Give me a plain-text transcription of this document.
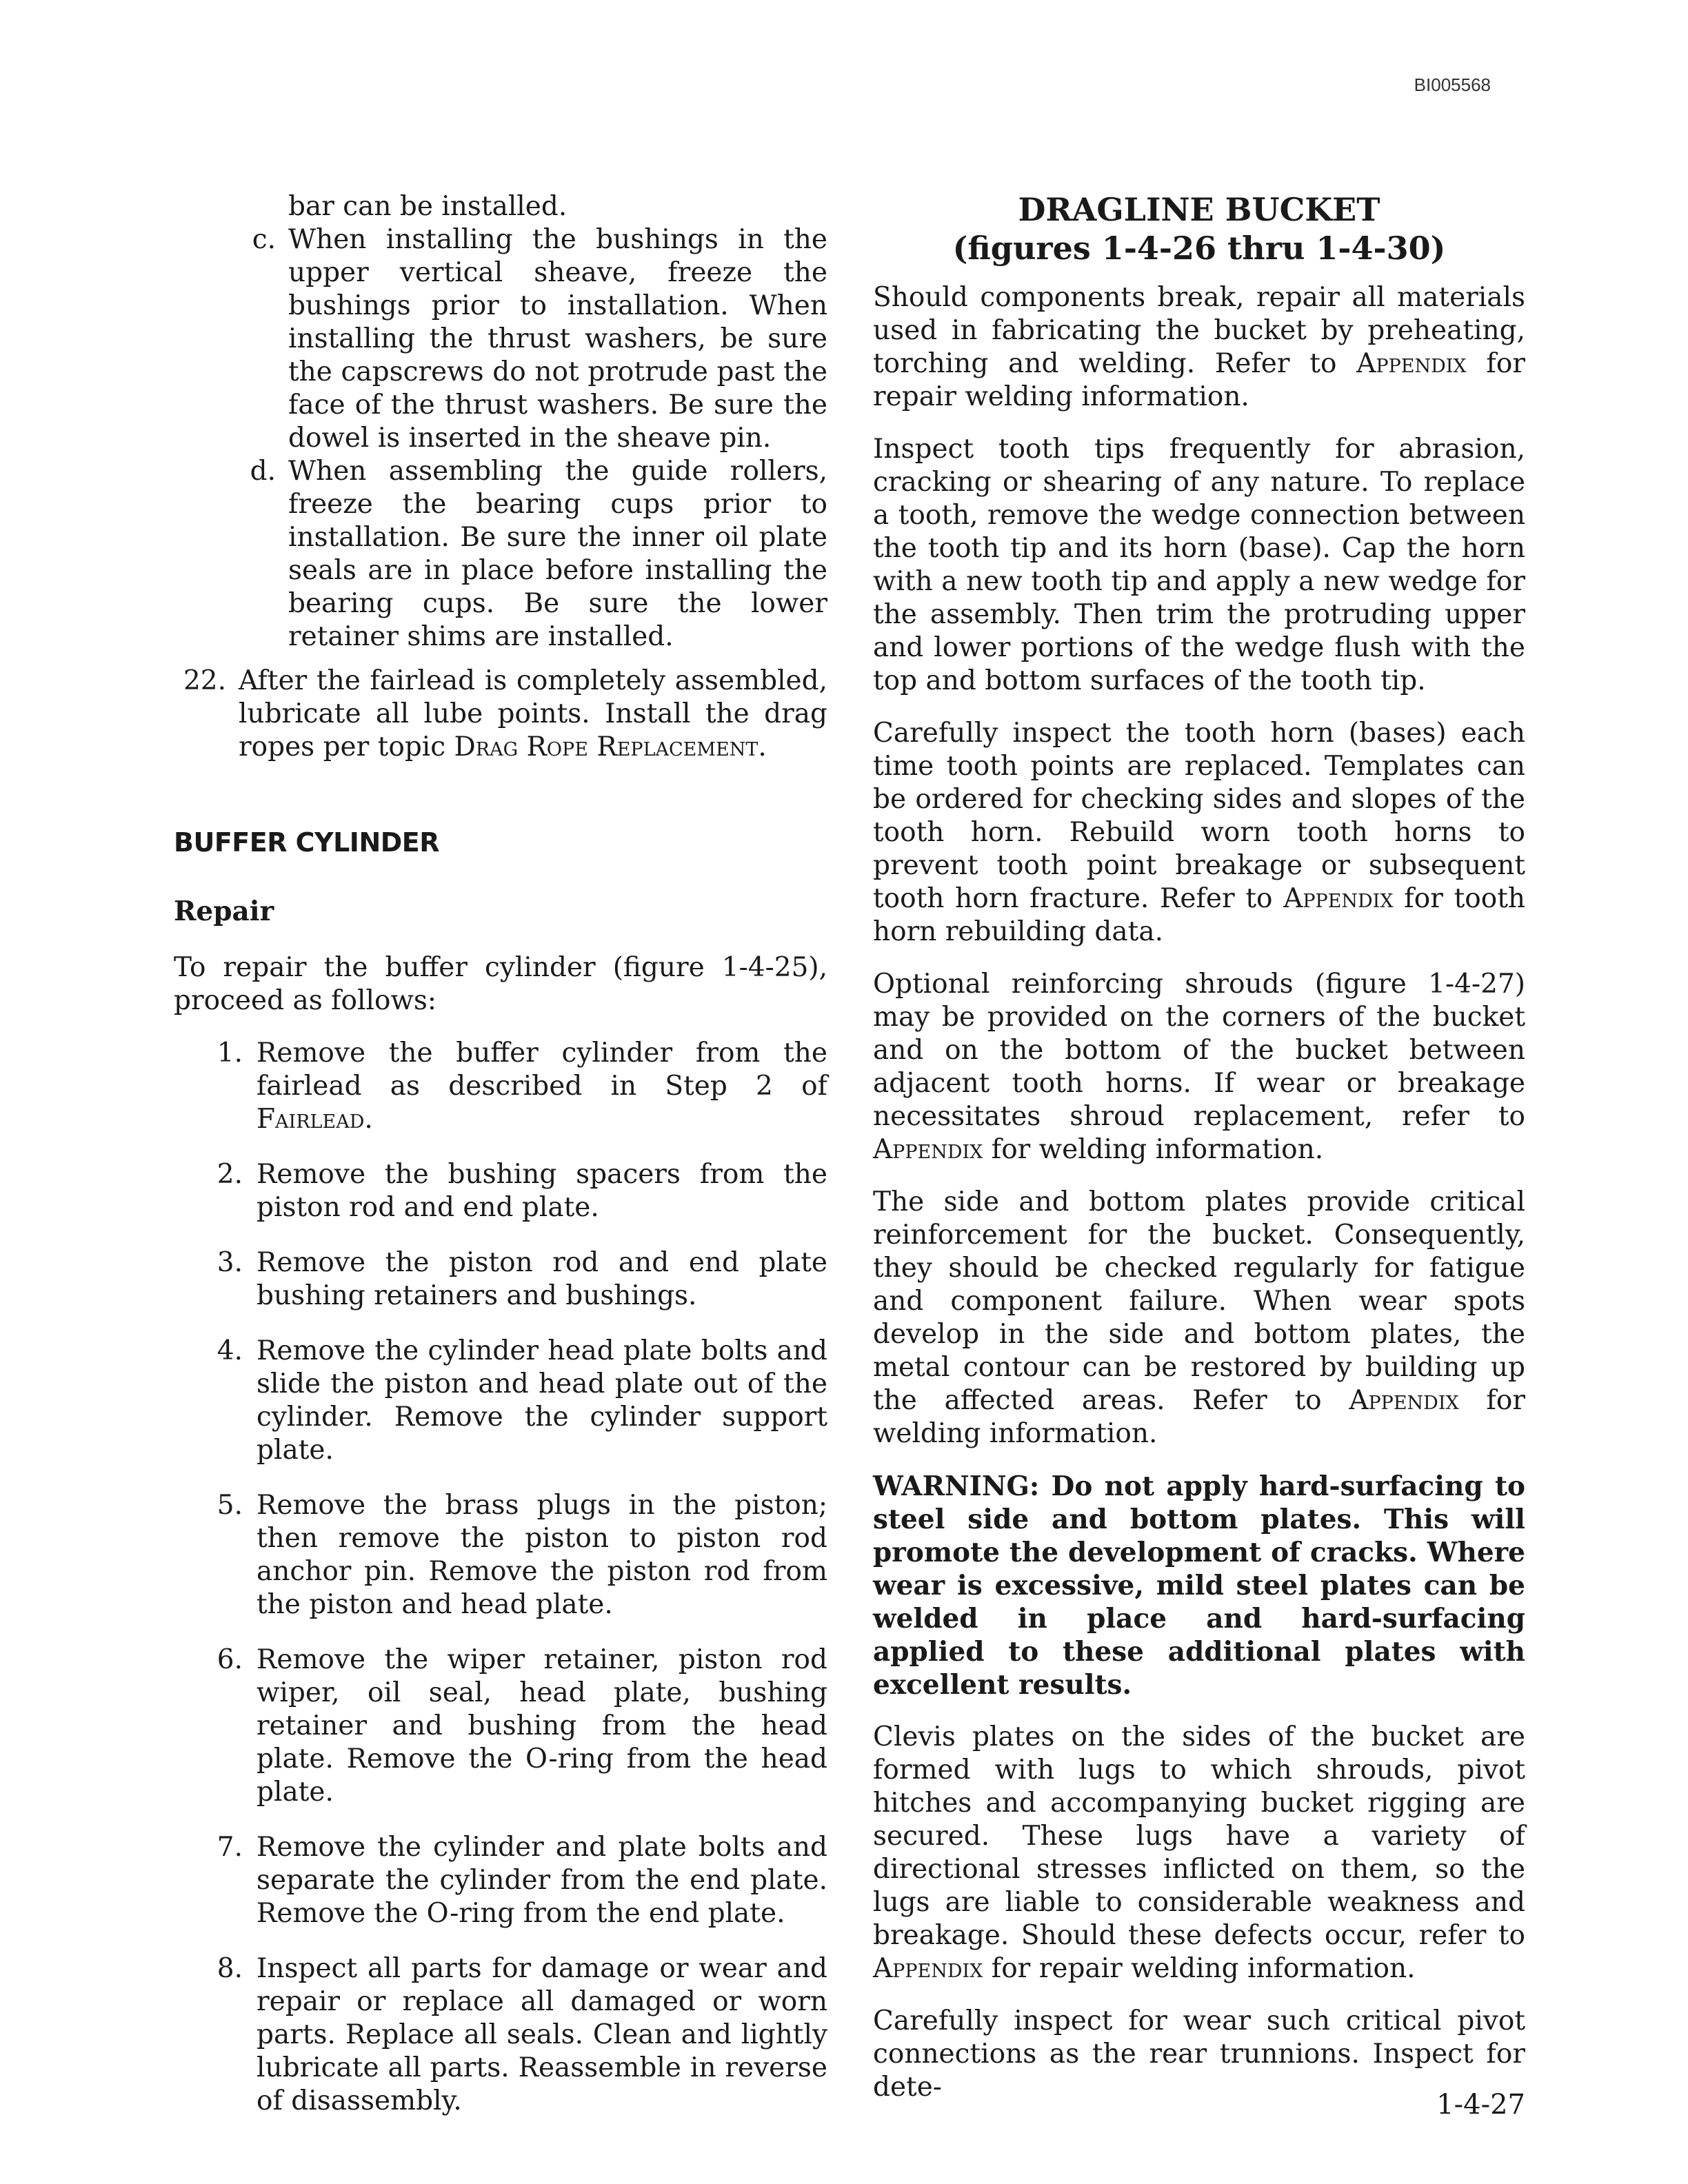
BI005568

bar can be installed.

c. When installing the bushings in the upper vertical sheave, freeze the bushings prior to installation. When installing the thrust washers, be sure the capscrews do not protrude past the face of the thrust washers. Be sure the dowel is inserted in the sheave pin.
d. When assembling the guide rollers, freeze the bearing cups prior to installation. Be sure the inner oil plate seals are in place before installing the bearing cups. Be sure the lower retainer shims are installed.
22. After the fairlead is completely assembled, lubricate all lube points. Install the drag ropes per topic Drag Rope Replacement.
BUFFER CYLINDER
Repair

To repair the buffer cylinder (figure 1-4-25), proceed as follows:

1. Remove the buffer cylinder from the fairlead as described in Step 2 of Fairlead.
2. Remove the bushing spacers from the piston rod and end plate.
3. Remove the piston rod and end plate bushing retainers and bushings.
4. Remove the cylinder head plate bolts and slide the piston and head plate out of the cylinder. Remove the cylinder support plate.
5. Remove the brass plugs in the piston; then remove the piston to piston rod anchor pin. Remove the piston rod from the piston and head plate.
6. Remove the wiper retainer, piston rod wiper, oil seal, head plate, bushing retainer and bushing from the head plate. Remove the O-ring from the head plate.
7. Remove the cylinder and plate bolts and separate the cylinder from the end plate. Remove the O-ring from the end plate.
8. Inspect all parts for damage or wear and repair or replace all damaged or worn parts. Replace all seals. Clean and lightly lubricate all parts. Reassemble in reverse of disassembly.
DRAGLINE BUCKET
(figures 1-4-26 thru 1-4-30)

Should components break, repair all materials used in fabricating the bucket by preheating, torching and welding. Refer to Appendix for repair welding information.

Inspect tooth tips frequently for abrasion, cracking or shearing of any nature. To replace a tooth, remove the wedge connection between the tooth tip and its horn (base). Cap the horn with a new tooth tip and apply a new wedge for the assembly. Then trim the protruding upper and lower portions of the wedge flush with the top and bottom surfaces of the tooth tip.

Carefully inspect the tooth horn (bases) each time tooth points are replaced. Templates can be ordered for checking sides and slopes of the tooth horn. Rebuild worn tooth horns to prevent tooth point breakage or subsequent tooth horn fracture. Refer to Appendix for tooth horn rebuilding data.

Optional reinforcing shrouds (figure 1-4-27) may be provided on the corners of the bucket and on the bottom of the bucket between adjacent tooth horns. If wear or breakage necessitates shroud replacement, refer to Appendix for welding information.

The side and bottom plates provide critical reinforcement for the bucket. Consequently, they should be checked regularly for fatigue and component failure. When wear spots develop in the side and bottom plates, the metal contour can be restored by building up the affected areas. Refer to Appendix for welding information.

WARNING: Do not apply hard-surfacing to steel side and bottom plates. This will promote the development of cracks. Where wear is excessive, mild steel plates can be welded in place and hard-surfacing applied to these additional plates with excellent results.

Clevis plates on the sides of the bucket are formed with lugs to which shrouds, pivot hitches and accompanying bucket rigging are secured. These lugs have a variety of directional stresses inflicted on them, so the lugs are liable to considerable weakness and breakage. Should these defects occur, refer to Appendix for repair welding information.

Carefully inspect for wear such critical pivot connections as the rear trunnions. Inspect for dete-

1-4-27
